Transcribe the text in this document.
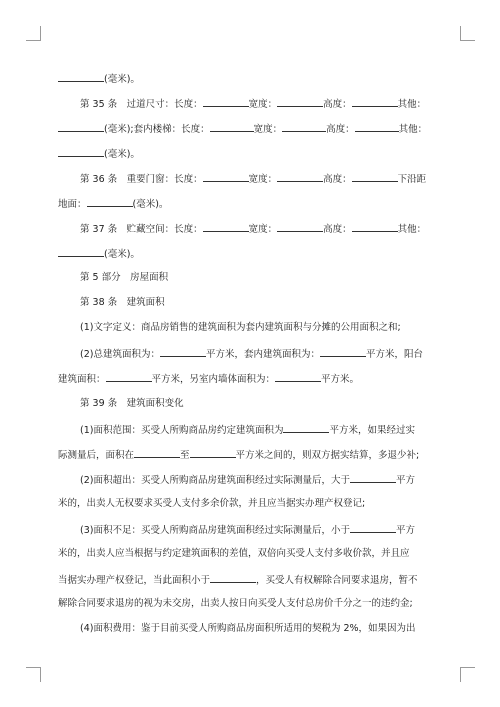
(毫米)。
第 35 条　过道尺寸：长度：	宽度：	高度：	其他：
(毫米);套内楼梯：长度：	宽度：	高度：	其他：
(毫米)。
第 36 条　重要门窗：长度：	宽度：	高度：	下沿距
地面：	(毫米)。
第 37 条　贮藏空间：长度：	宽度：	高度：	其他：
(毫米)。
第 5 部分　房屋面积
第 38 条　建筑面积
(1)文字定义：商品房销售的建筑面积为套内建筑面积与分摊的公用面积之和;
(2)总建筑面积为：	平方米，套内建筑面积为：	平方米，阳台
建筑面积：	平方米，另室内墙体面积为：	平方米。
第 39 条　建筑面积变化
(1)面积范围：买受人所购商品房约定建筑面积为	平方米，如果经过实
际测量后，面积在	至	平方米之间的，则双方据实结算，多退少补;
(2)面积超出：买受人所购商品房建筑面积经过实际测量后，大于	平方
米的，出卖人无权要求买受人支付多余价款，并且应当据实办理产权登记;
(3)面积不足：买受人所购商品房建筑面积经过实际测量后，小于	平方
米的，出卖人应当根据与约定建筑面积的差值，双倍向买受人支付多收价款，并且应
当据实办理产权登记，当此面积小于	，买受人有权解除合同要求退房，暂不
解除合同要求退房的视为未交房，出卖人按日向买受人支付总房价千分之一的违约金;
(4)面积费用：鉴于目前买受人所购商品房面积所适用的契税为 2%，如果因为出
